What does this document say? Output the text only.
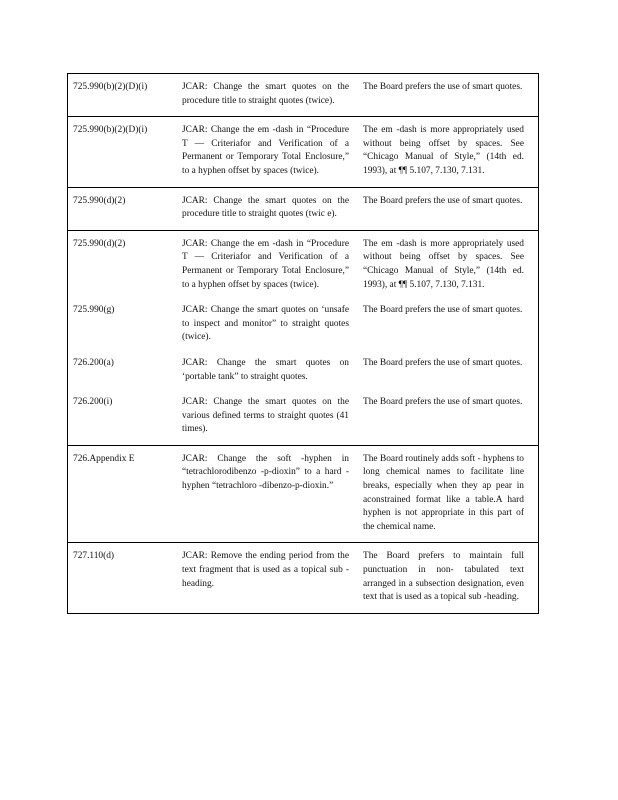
725.990(b)(2)(D)(i)	JCAR: Change the smart quotes on the procedure title to straight quotes (twice).	The Board prefers the use of smart quotes.
725.990(b)(2)(D)(i)	JCAR: Change the em -dash in “Procedure T — Criteriafor and Verification of a Permanent or Temporary Total Enclosure,” to a hyphen offset by spaces (twice).	The em -dash is more appropriately used without being offset by spaces. See “Chicago Manual of Style,” (14th ed. 1993), at ¶¶ 5.107, 7.130, 7.131.
725.990(d)(2)	JCAR: Change the smart quotes on the procedure title to straight quotes (twic e).	The Board prefers the use of smart quotes.
725.990(d)(2)	JCAR: Change the em -dash in “Procedure T — Criteriafor and Verification of a Permanent or Temporary Total Enclosure,” to a hyphen offset by spaces (twice).	The em -dash is more appropriately used without being offset by spaces. See “Chicago Manual of Style,” (14th ed. 1993), at ¶¶ 5.107, 7.130, 7.131.
725.990(g)	JCAR: Change the smart quotes on ‘unsafe to inspect and monitor” to straight quotes (twice).	The Board prefers the use of smart quotes.
726.200(a)	JCAR: Change the smart quotes on ‘portable tank” to straight quotes.	The Board prefers the use of smart quotes.
726.200(i)	JCAR: Change the smart quotes on the various defined terms to straight quotes (41 times).	The Board prefers the use of smart quotes.
726.Appendix E	JCAR: Change the soft -hyphen in “tetrachlorodibenzo -p-dioxin” to a hard -hyphen “tetrachloro -dibenzo-p-dioxin.”	The Board routinely adds soft - hyphens to long chemical names to facilitate line breaks, especially when they ap pear in aconstrained format like a table.A hard hyphen is not appropriate in this part of the chemical name.
727.110(d)	JCAR: Remove the ending period from the text fragment that is used as a topical sub -heading.	The Board prefers to maintain full punctuation in non- tabulated text arranged in a subsection designation, even text that is used as a topical sub -heading.
